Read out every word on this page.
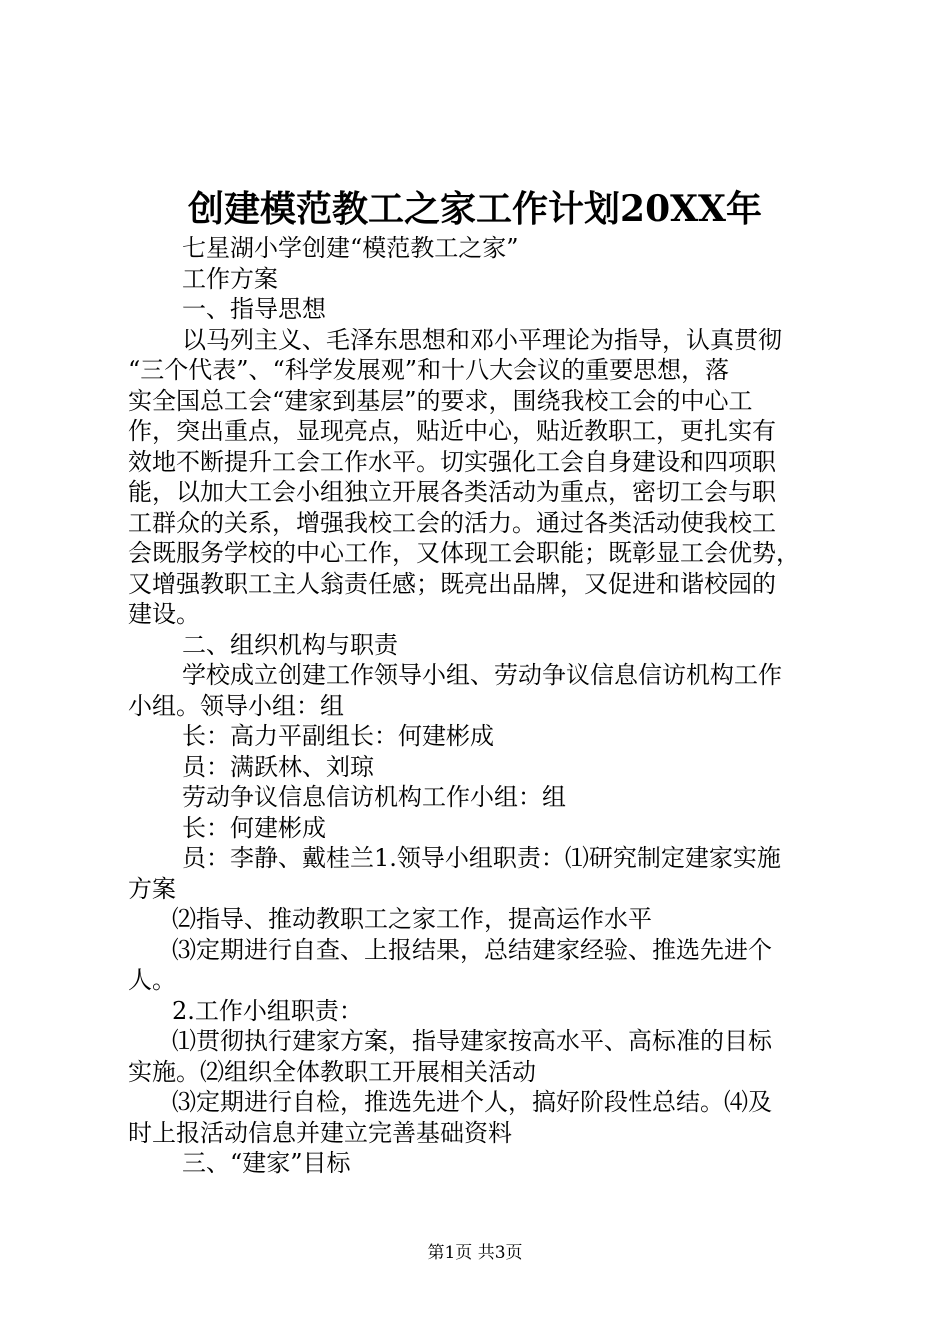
创建模范教工之家工作计划20XX年
七星湖小学创建“模范教工之家”
工作方案
一、指导思想
以马列主义、毛泽东思想和邓小平理论为指导，认真贯彻
“三个代表”、“科学发展观”和十八大会议的重要思想，落
实全国总工会“建家到基层”的要求，围绕我校工会的中心工
作，突出重点，显现亮点，贴近中心，贴近教职工，更扎实有
效地不断提升工会工作水平。切实强化工会自身建设和四项职
能，以加大工会小组独立开展各类活动为重点，密切工会与职
工群众的关系，增强我校工会的活力。通过各类活动使我校工
会既服务学校的中心工作，又体现工会职能；既彰显工会优势，
又增强教职工主人翁责任感；既亮出品牌，又促进和谐校园的
建设。
二、组织机构与职责
学校成立创建工作领导小组、劳动争议信息信访机构工作
小组。领导小组：组
长：高力平副组长：何建彬成
员：满跃林、刘琼
劳动争议信息信访机构工作小组：组
长：何建彬成
员：李静、戴桂兰1.领导小组职责：⑴研究制定建家实施
方案
⑵指导、推动教职工之家工作，提高运作水平
⑶定期进行自查、上报结果，总结建家经验、推选先进个
人。
2.工作小组职责：
⑴贯彻执行建家方案，指导建家按高水平、高标准的目标
实施。⑵组织全体教职工开展相关活动
⑶定期进行自检，推选先进个人，搞好阶段性总结。⑷及
时上报活动信息并建立完善基础资料
三、“建家”目标
第1页 共3页
